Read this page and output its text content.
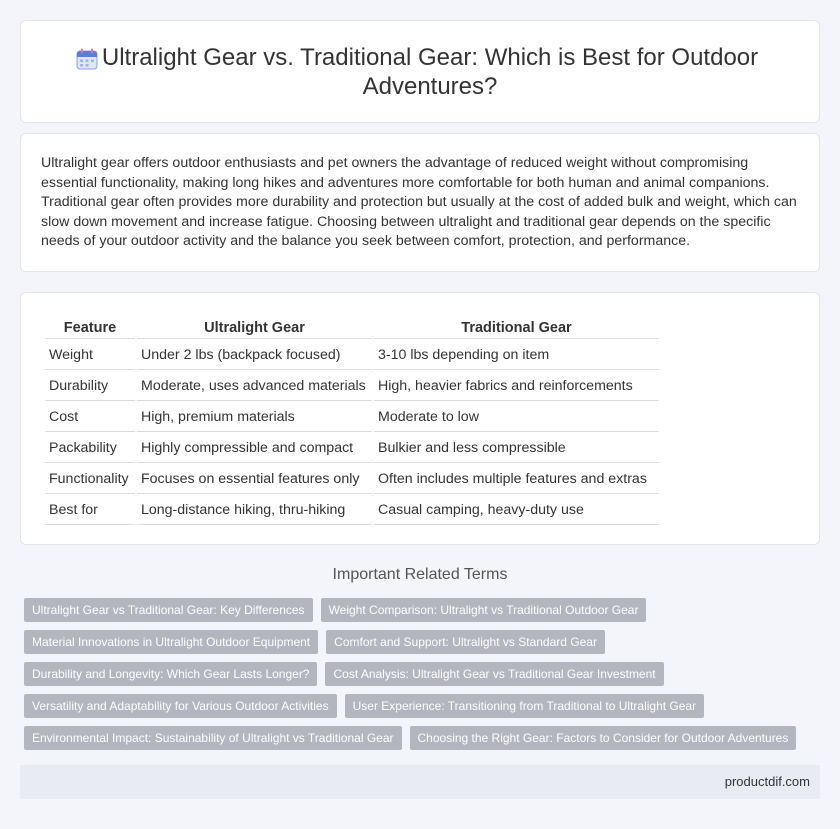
Ultralight Gear vs. Traditional Gear: Which is Best for Outdoor Adventures?

Ultralight gear offers outdoor enthusiasts and pet owners the advantage of reduced weight without compromising essential functionality, making long hikes and adventures more comfortable for both human and animal companions. Traditional gear often provides more durability and protection but usually at the cost of added bulk and weight, which can slow down movement and increase fatigue. Choosing between ultralight and traditional gear depends on the specific needs of your outdoor activity and the balance you seek between comfort, protection, and performance.

Feature	Ultralight Gear	Traditional Gear
Weight	Under 2 lbs (backpack focused)	3-10 lbs depending on item
Durability	Moderate, uses advanced materials	High, heavier fabrics and reinforcements
Cost	High, premium materials	Moderate to low
Packability	Highly compressible and compact	Bulkier and less compressible
Functionality	Focuses on essential features only	Often includes multiple features and extras
Best for	Long-distance hiking, thru-hiking	Casual camping, heavy-duty use
Important Related Terms
Ultralight Gear vs Traditional Gear: Key Differences	Weight Comparison: Ultralight vs Traditional Outdoor Gear
Material Innovations in Ultralight Outdoor Equipment	Comfort and Support: Ultralight vs Standard Gear
Durability and Longevity: Which Gear Lasts Longer?	Cost Analysis: Ultralight Gear vs Traditional Gear Investment
Versatility and Adaptability for Various Outdoor Activities	User Experience: Transitioning from Traditional to Ultralight Gear
Environmental Impact: Sustainability of Ultralight vs Traditional Gear	Choosing the Right Gear: Factors to Consider for Outdoor Adventures
productdif.com
